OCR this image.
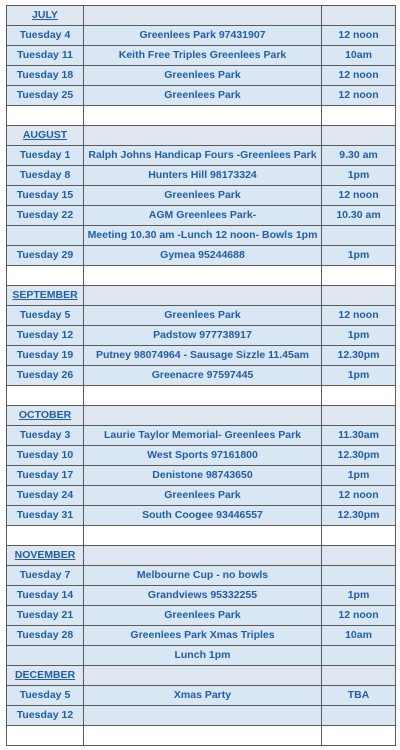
JULY		
Tuesday 4	Greenlees Park 97431907	12 noon
Tuesday 11	Keith Free Triples Greenlees Park	10am
Tuesday 18	Greenlees Park	12 noon
Tuesday 25	Greenlees Park	12 noon

AUGUST		
Tuesday 1	Ralph Johns Handicap Fours -Greenlees Park	9.30 am
Tuesday 8	Hunters Hill 98173324	1pm
Tuesday 15	Greenlees Park	12 noon
Tuesday 22	AGM Greenlees Park-	10.30 am
	Meeting 10.30 am -Lunch 12 noon- Bowls 1pm	
Tuesday 29	Gymea 95244688	1pm

SEPTEMBER		
Tuesday 5	Greenlees Park	12 noon
Tuesday 12	Padstow 977738917	1pm
Tuesday 19	Putney 98074964 - Sausage Sizzle 11.45am	12.30pm
Tuesday 26	Greenacre 97597445	1pm

OCTOBER		
Tuesday 3	Laurie Taylor Memorial- Greenlees Park	11.30am
Tuesday 10	West Sports 97161800	12.30pm
Tuesday 17	Denistone 98743650	1pm
Tuesday 24	Greenlees Park	12 noon
Tuesday 31	South Coogee 93446557	12.30pm

NOVEMBER		
Tuesday 7	Melbourne Cup - no bowls	
Tuesday 14	Grandviews 95332255	1pm
Tuesday 21	Greenlees Park	12 noon
Tuesday 28	Greenlees Park Xmas Triples	10am
	Lunch 1pm	
DECEMBER		
Tuesday 5	Xmas Party	TBA
Tuesday 12		
